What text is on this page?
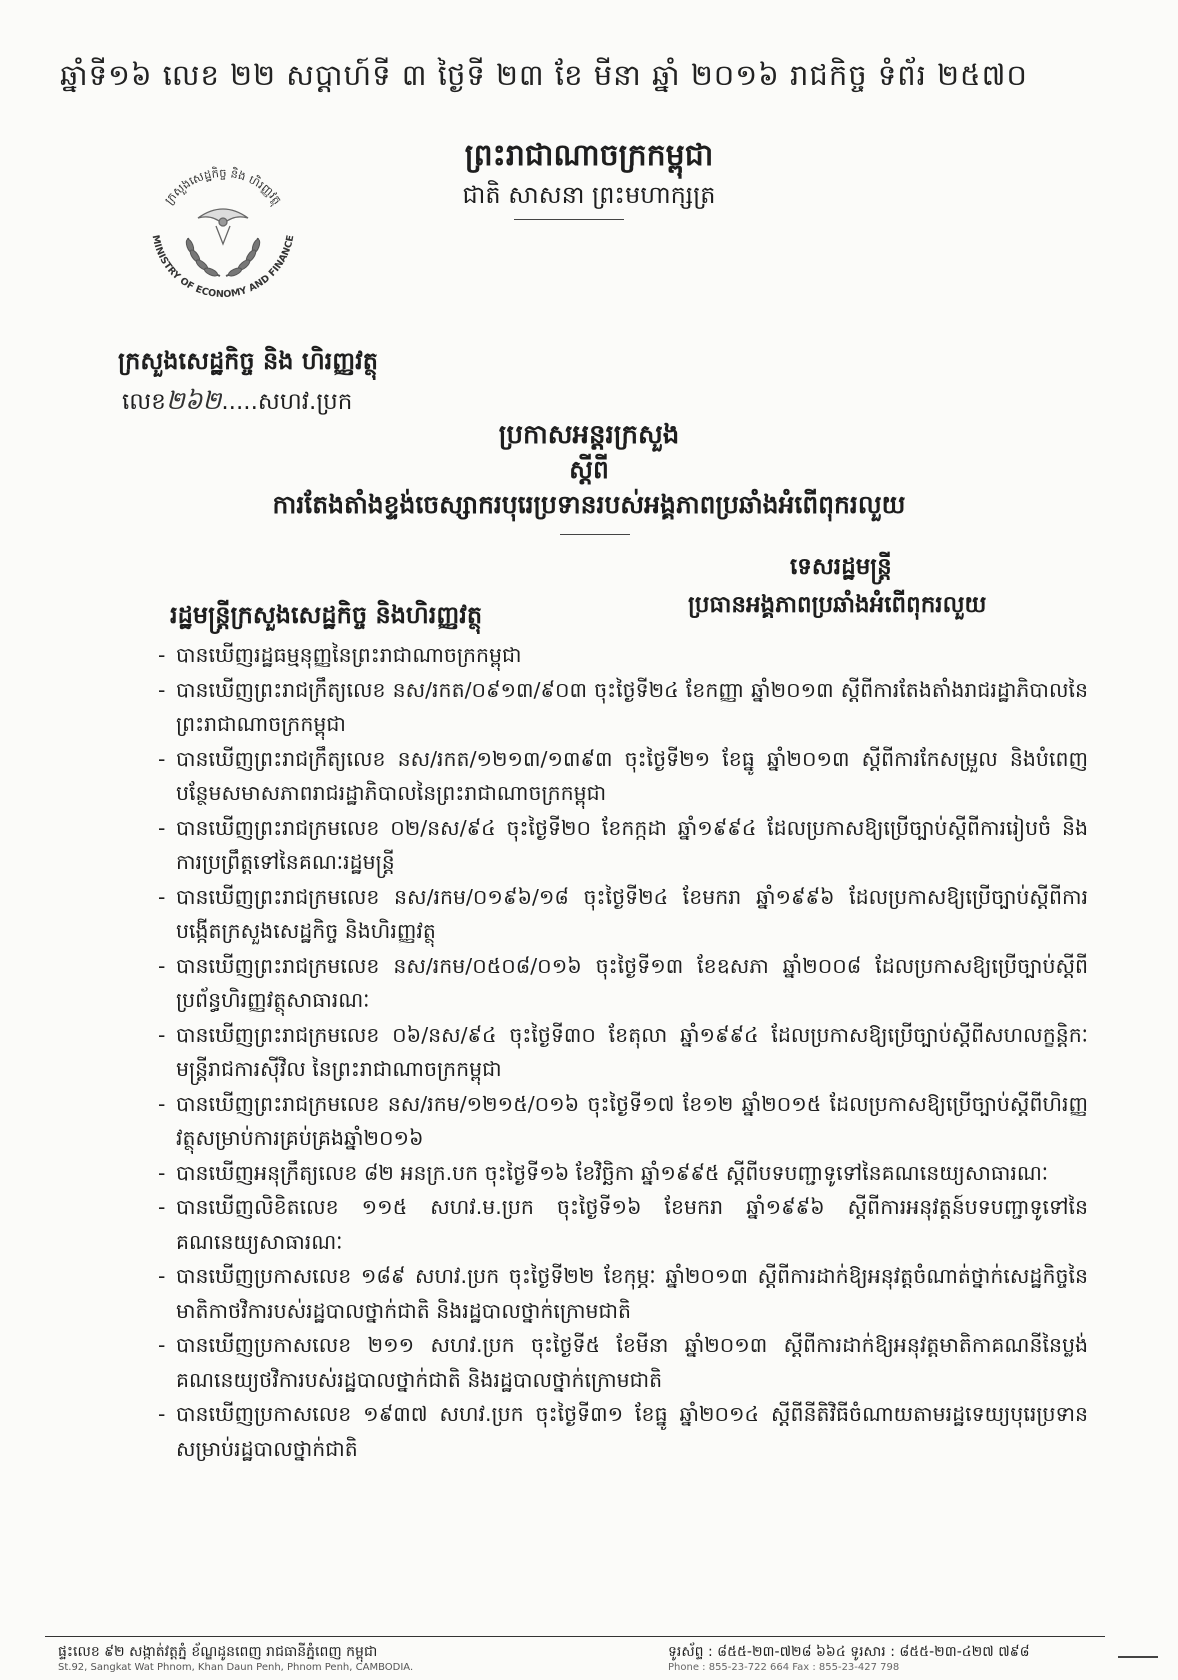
ឆ្នាំទី១៦ លេខ ២២ សប្តាហ៍ទី ៣ ថ្ងៃទី ២៣ ខែ មីនា ឆ្នាំ ២០១៦ រាជកិច្ច ទំព័រ ២៥៧០
ក្រសួងសេដ្ឋកិច្ច និង ហិរញ្ញវត្ថុ
MINISTRY OF ECONOMY AND FINANCE
ព្រះរាជាណាចក្រកម្ពុជា
ជាតិ សាសនា ព្រះមហាក្សត្រ
ក្រសួងសេដ្ឋកិច្ច និង ហិរញ្ញវត្ថុ
លេខ២៦២.....សហវ.ប្រក
ប្រកាសអន្តរក្រសួង
ស្តីពី
ការតែងតាំងខ្ទង់ចេស្សាករបុរេប្រទានរបស់អង្គភាពប្រឆាំងអំពើពុករលួយ
ទេសរដ្ឋមន្ត្រី
ប្រធានអង្គភាពប្រឆាំងអំពើពុករលួយ
រដ្ឋមន្ត្រីក្រសួងសេដ្ឋកិច្ច និងហិរញ្ញវត្ថុ
- បានឃើញរដ្ឋធម្មនុញ្ញនៃព្រះរាជាណាចក្រកម្ពុជា
- បានឃើញព្រះរាជក្រឹត្យលេខ នស/រកត/០៩១៣/៩០៣ ចុះថ្ងៃទី២៤ ខែកញ្ញា ឆ្នាំ២០១៣ ស្តីពីការតែងតាំងរាជរដ្ឋាភិបាលនៃព្រះរាជាណាចក្រកម្ពុជា
- បានឃើញព្រះរាជក្រឹត្យលេខ នស/រកត/១២១៣/១៣៩៣ ចុះថ្ងៃទី២១ ខែធ្នូ ឆ្នាំ២០១៣ ស្តីពីការកែសម្រួល និងបំពេញបន្ថែមសមាសភាពរាជរដ្ឋាភិបាលនៃព្រះរាជាណាចក្រកម្ពុជា
- បានឃើញព្រះរាជក្រមលេខ ០២/នស/៩៤ ចុះថ្ងៃទី២០ ខែកក្កដា ឆ្នាំ១៩៩៤ ដែលប្រកាសឱ្យប្រើច្បាប់ស្តីពីការរៀបចំ និងការប្រព្រឹត្តទៅនៃគណៈរដ្ឋមន្ត្រី
- បានឃើញព្រះរាជក្រមលេខ នស/រកម/០១៩៦/១៨ ចុះថ្ងៃទី២៤ ខែមករា ឆ្នាំ១៩៩៦ ដែលប្រកាសឱ្យប្រើច្បាប់ស្តីពីការបង្កើតក្រសួងសេដ្ឋកិច្ច និងហិរញ្ញវត្ថុ
- បានឃើញព្រះរាជក្រមលេខ នស/រកម/០៥០៨/០១៦ ចុះថ្ងៃទី១៣ ខែឧសភា ឆ្នាំ២០០៨ ដែលប្រកាសឱ្យប្រើច្បាប់ស្តីពីប្រព័ន្ធហិរញ្ញវត្ថុសាធារណៈ
- បានឃើញព្រះរាជក្រមលេខ ០៦/នស/៩៤ ចុះថ្ងៃទី៣០ ខែតុលា ឆ្នាំ១៩៩៤ ដែលប្រកាសឱ្យប្រើច្បាប់ស្តីពីសហលក្ខន្តិកៈមន្ត្រីរាជការស៊ីវិល នៃព្រះរាជាណាចក្រកម្ពុជា
- បានឃើញព្រះរាជក្រមលេខ នស/រកម/១២១៥/០១៦ ចុះថ្ងៃទី១៧ ខែ១២ ឆ្នាំ២០១៥ ដែលប្រកាសឱ្យប្រើច្បាប់ស្តីពីហិរញ្ញវត្ថុសម្រាប់ការគ្រប់គ្រងឆ្នាំ២០១៦
- បានឃើញអនុក្រឹត្យលេខ ៨២ អនក្រ.បក ចុះថ្ងៃទី១៦ ខែវិច្ឆិកា ឆ្នាំ១៩៩៥ ស្តីពីបទបញ្ជាទូទៅនៃគណនេយ្យសាធារណៈ
- បានឃើញលិខិតលេខ ១១៥ សហវ.ម.ប្រក ចុះថ្ងៃទី១៦ ខែមករា ឆ្នាំ១៩៩៦ ស្តីពីការអនុវត្តន៍បទបញ្ជាទូទៅនៃគណនេយ្យសាធារណៈ
- បានឃើញប្រកាសលេខ ១៨៩ សហវ.ប្រក ចុះថ្ងៃទី២២ ខែកុម្ភៈ ឆ្នាំ២០១៣ ស្តីពីការដាក់ឱ្យអនុវត្តចំណាត់ថ្នាក់សេដ្ឋកិច្ចនៃមាតិកាថវិការបស់រដ្ឋបាលថ្នាក់ជាតិ និងរដ្ឋបាលថ្នាក់ក្រោមជាតិ
- បានឃើញប្រកាសលេខ ២១១ សហវ.ប្រក ចុះថ្ងៃទី៥ ខែមីនា ឆ្នាំ២០១៣ ស្តីពីការដាក់ឱ្យអនុវត្តមាតិកាគណនីនៃប្លង់គណនេយ្យថវិការបស់រដ្ឋបាលថ្នាក់ជាតិ និងរដ្ឋបាលថ្នាក់ក្រោមជាតិ
- បានឃើញប្រកាសលេខ ១៩៣៧ សហវ.ប្រក ចុះថ្ងៃទី៣១ ខែធ្នូ ឆ្នាំ២០១៤ ស្តីពីនីតិវិធីចំណាយតាមរដ្ឋទេយ្យបុរេប្រទានសម្រាប់រដ្ឋបាលថ្នាក់ជាតិ
ផ្ទះលេខ ៩២ សង្កាត់វត្តភ្នំ ខ័ណ្ឌដូនពេញ រាជធានីភ្នំពេញ កម្ពុជា
St.92, Sangkat Wat Phnom, Khan Daun Penh, Phnom Penh, CAMBODIA.
ទូរស័ព្ទ : ៨៥៥-២៣-៧២៨ ៦៦៤ ទូរសារ : ៨៥៥-២៣-៤២៧ ៧៩៨
Phone : 855-23-722 664 Fax : 855-23-427 798
